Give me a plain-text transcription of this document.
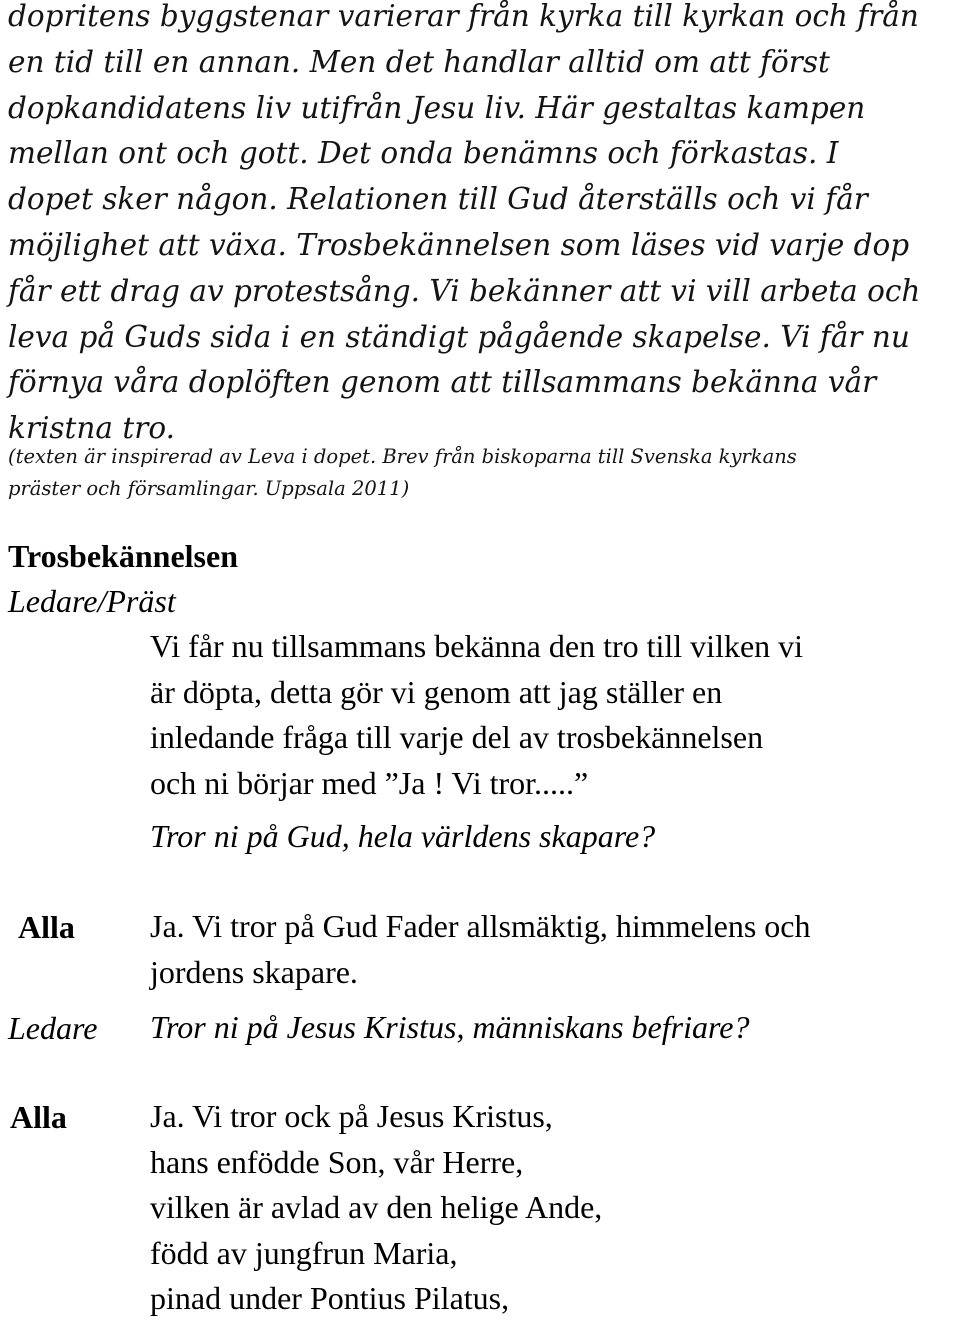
dopritens byggstenar varierar från kyrka till kyrkan och från
en tid till en annan. Men det handlar alltid om att först
dopkandidatens liv utifrån Jesu liv. Här gestaltas kampen
mellan ont och gott. Det onda benämns och förkastas. I
dopet sker någon. Relationen till Gud återställs och vi får
möjlighet att växa. Trosbekännelsen som läses vid varje dop
får ett drag av protestsång. Vi bekänner att vi vill arbeta och
leva på Guds sida i en ständigt pågående skapelse. Vi får nu
förnya våra doplöften genom att tillsammans bekänna vår
kristna tro.
(texten är inspirerad av Leva i dopet. Brev från biskoparna till Svenska kyrkans
präster och församlingar. Uppsala 2011)
Trosbekännelsen
Ledare/Präst
Vi får nu tillsammans bekänna den tro till vilken vi
är döpta, detta gör vi genom att jag ställer en
inledande fråga till varje del av trosbekännelsen
och ni börjar med ”Ja ! Vi tror.....”
Tror ni på Gud, hela världens skapare?
Alla Ja. Vi tror på Gud Fader allsmäktig, himmelens och
jordens skapare.
Ledare Tror ni på Jesus Kristus, människans befriare?
Alla	Ja. Vi tror ock på Jesus Kristus,
hans enfödde Son, vår Herre,
vilken är avlad av den helige Ande,
född av jungfrun Maria,
pinad under Pontius Pilatus,
